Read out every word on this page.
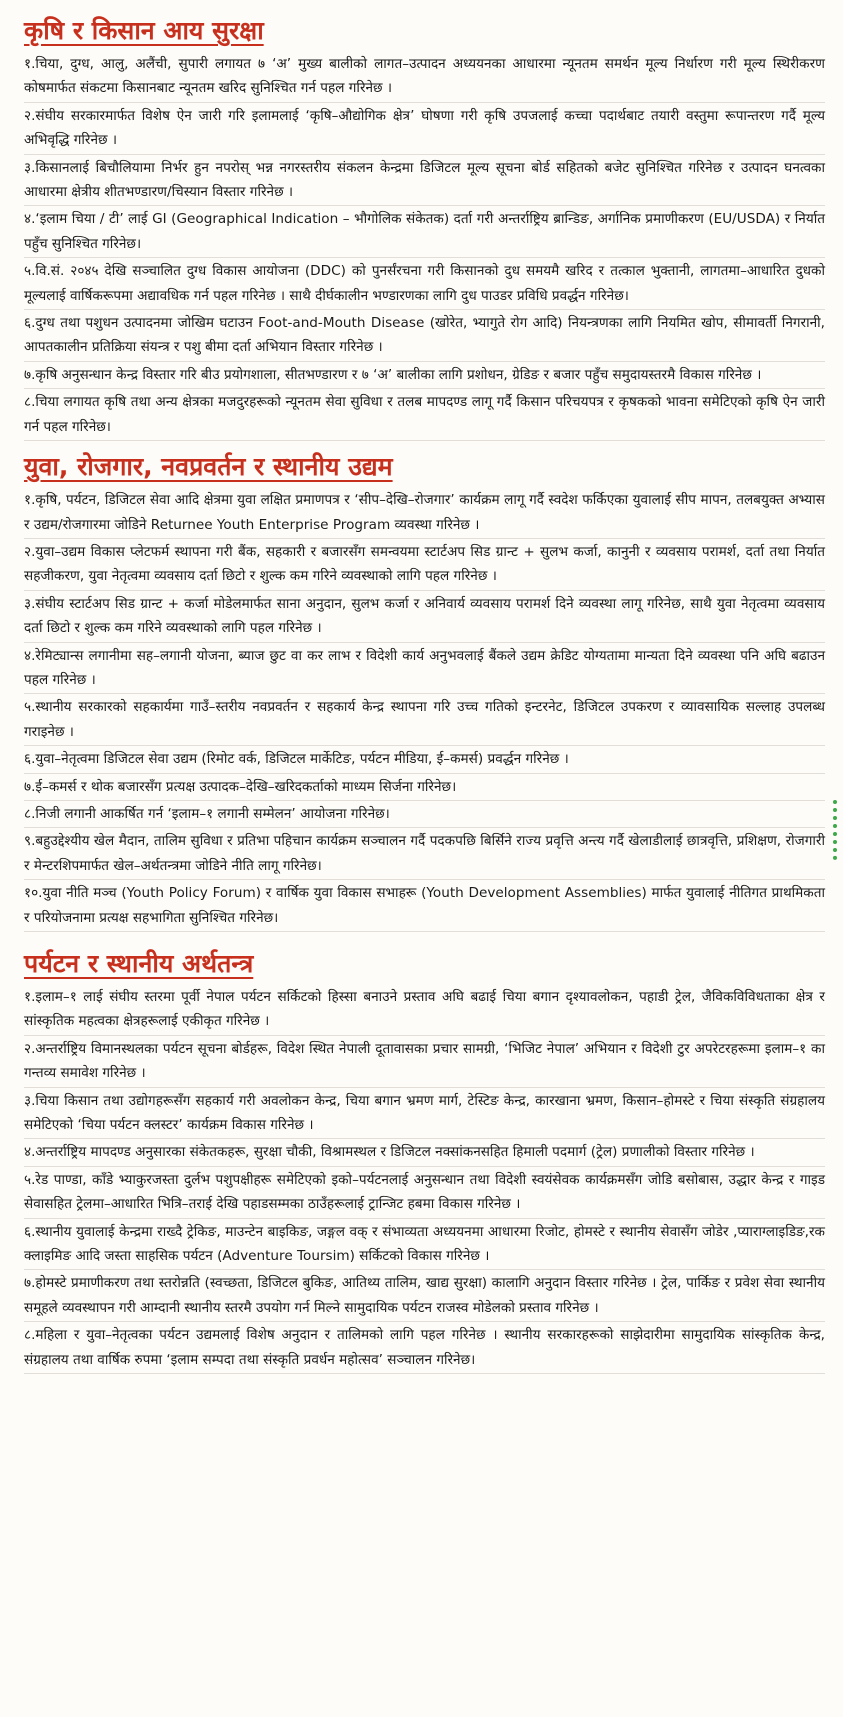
कृषि र किसान आय सुरक्षा
१.चिया, दुग्ध, आलु, अलैंची, सुपारी लगायत ७ ‘अ’ मुख्य बालीको लागत–उत्पादन अध्ययनका आधारमा न्यूनतम समर्थन मूल्य निर्धारण गरी मूल्य स्थिरीकरण कोषमार्फत संकटमा किसानबाट न्यूनतम खरिद सुनिश्चित गर्न पहल गरिनेछ ।
२.संघीय सरकारमार्फत विशेष ऐन जारी गरि इलामलाई ‘कृषि–औद्योगिक क्षेत्र’ घोषणा गरी कृषि उपजलाई कच्चा पदार्थबाट तयारी वस्तुमा रूपान्तरण गर्दै मूल्य अभिवृद्धि गरिनेछ ।
३.किसानलाई बिचौलियामा निर्भर हुन नपरोस् भन्न नगरस्तरीय संकलन केन्द्रमा डिजिटल मूल्य सूचना बोर्ड सहितको बजेट सुनिश्चित गरिनेछ र उत्पादन घनत्वका आधारमा क्षेत्रीय शीतभण्डारण/चिस्यान विस्तार गरिनेछ ।
४.‘इलाम चिया / टी’ लाई GI (Geographical Indication – भौगोलिक संकेतक) दर्ता गरी अन्तर्राष्ट्रिय ब्रान्डिङ, अर्गानिक प्रमाणीकरण (EU/USDA) र निर्यात पहुँच सुनिश्चित गरिनेछ।
५.वि.सं. २०४५ देखि सञ्चालित दुग्ध विकास आयोजना (DDC) को पुनर्संरचना गरी किसानको दुध समयमै खरिद र तत्काल भुक्तानी, लागतमा–आधारित दुधको मूल्यलाई वार्षिकरूपमा अद्यावधिक गर्न पहल गरिनेछ । साथै दीर्घकालीन भण्डारणका लागि दुध पाउडर प्रविधि प्रवर्द्धन गरिनेछ।
६.दुग्ध तथा पशुधन उत्पादनमा जोखिम घटाउन Foot-and-Mouth Disease (खोरेत, भ्यागुते रोग आदि) नियन्त्रणका लागि नियमित खोप, सीमावर्ती निगरानी, आपतकालीन प्रतिक्रिया संयन्त्र र पशु बीमा दर्ता अभियान विस्तार गरिनेछ ।
७.कृषि अनुसन्धान केन्द्र विस्तार गरि बीउ प्रयोगशाला, सीतभण्डारण र ७ ‘अ’ बालीका लागि प्रशोधन, ग्रेडिङ र बजार पहुँच समुदायस्तरमै विकास गरिनेछ ।
८.चिया लगायत कृषि तथा अन्य क्षेत्रका मजदुरहरूको न्यूनतम सेवा सुविधा र तलब मापदण्ड लागू गर्दै किसान परिचयपत्र र कृषकको भावना समेटिएको कृषि ऐन जारी गर्न पहल गरिनेछ।
युवा, रोजगार, नवप्रवर्तन र स्थानीय उद्यम
१.कृषि, पर्यटन, डिजिटल सेवा आदि क्षेत्रमा युवा लक्षित प्रमाणपत्र र ‘सीप–देखि–रोजगार’ कार्यक्रम लागू गर्दै स्वदेश फर्किएका युवालाई सीप मापन, तलबयुक्त अभ्यास र उद्यम/रोजगारमा जोडिने Returnee Youth Enterprise Program व्यवस्था गरिनेछ ।
२.युवा–उद्यम विकास प्लेटफर्म स्थापना गरी बैंक, सहकारी र बजारसँग समन्वयमा स्टार्टअप सिड ग्रान्ट + सुलभ कर्जा, कानुनी र व्यवसाय परामर्श, दर्ता तथा निर्यात सहजीकरण, युवा नेतृत्वमा व्यवसाय दर्ता छिटो र शुल्क कम गरिने व्यवस्थाको लागि पहल गरिनेछ ।
३.संघीय स्टार्टअप सिड ग्रान्ट + कर्जा मोडेलमार्फत साना अनुदान, सुलभ कर्जा र अनिवार्य व्यवसाय परामर्श दिने व्यवस्था लागू गरिनेछ, साथै युवा नेतृत्वमा व्यवसाय दर्ता छिटो र शुल्क कम गरिने व्यवस्थाको लागि पहल गरिनेछ ।
४.रेमिट्यान्स लगानीमा सह–लगानी योजना, ब्याज छुट वा कर लाभ र विदेशी कार्य अनुभवलाई बैंकले उद्यम क्रेडिट योग्यतामा मान्यता दिने व्यवस्था पनि अघि बढाउन पहल गरिनेछ ।
५.स्थानीय सरकारको सहकार्यमा गाउँ–स्तरीय नवप्रवर्तन र सहकार्य केन्द्र स्थापना गरि उच्च गतिको इन्टरनेट, डिजिटल उपकरण र व्यावसायिक सल्लाह उपलब्ध गराइनेछ ।
६.युवा–नेतृत्वमा डिजिटल सेवा उद्यम (रिमोट वर्क, डिजिटल मार्केटिङ, पर्यटन मीडिया, ई–कमर्स) प्रवर्द्धन गरिनेछ ।
७.ई–कमर्स र थोक बजारसँग प्रत्यक्ष उत्पादक–देखि–खरिदकर्ताको माध्यम सिर्जना गरिनेछ।
८.निजी लगानी आकर्षित गर्न ‘इलाम–१ लगानी सम्मेलन’ आयोजना गरिनेछ।
९.बहुउद्देश्यीय खेल मैदान, तालिम सुविधा र प्रतिभा पहिचान कार्यक्रम सञ्चालन गर्दै पदकपछि बिर्सिने राज्य प्रवृत्ति अन्त्य गर्दै खेलाडीलाई छात्रवृत्ति, प्रशिक्षण, रोजगारी र मेन्टरशिपमार्फत खेल–अर्थतन्त्रमा जोडिने नीति लागू गरिनेछ।
१०.युवा नीति मञ्च (Youth Policy Forum) र वार्षिक युवा विकास सभाहरू (Youth Development Assemblies) मार्फत युवालाई नीतिगत प्राथमिकता र परियोजनामा प्रत्यक्ष सहभागिता सुनिश्चित गरिनेछ।
पर्यटन र स्थानीय अर्थतन्त्र
१.इलाम–१ लाई संघीय स्तरमा पूर्वी नेपाल पर्यटन सर्किटको हिस्सा बनाउने प्रस्ताव अघि बढाई चिया बगान दृश्यावलोकन, पहाडी ट्रेल, जैविकविविधताका क्षेत्र र सांस्कृतिक महत्वका क्षेत्रहरूलाई एकीकृत गरिनेछ ।
२.अन्तर्राष्ट्रिय विमानस्थलका पर्यटन सूचना बोर्डहरू, विदेश स्थित नेपाली दूतावासका प्रचार सामग्री, ‘भिजिट नेपाल’ अभियान र विदेशी टुर अपरेटरहरूमा इलाम–१ का गन्तव्य समावेश गरिनेछ ।
३.चिया किसान तथा उद्योगहरूसँग सहकार्य गरी अवलोकन केन्द्र, चिया बगान भ्रमण मार्ग, टेस्टिङ केन्द्र, कारखाना भ्रमण, किसान–होमस्टे र चिया संस्कृति संग्रहालय समेटिएको ‘चिया पर्यटन क्लस्टर’ कार्यक्रम विकास गरिनेछ ।
४.अन्तर्राष्ट्रिय मापदण्ड अनुसारका संकेतकहरू, सुरक्षा चौकी, विश्रामस्थल र डिजिटल नक्सांकनसहित हिमाली पदमार्ग (ट्रेल) प्रणालीको विस्तार गरिनेछ ।
५.रेड पाण्डा, काँडे भ्याकुरजस्ता दुर्लभ पशुपक्षीहरू समेटिएको इको–पर्यटनलाई अनुसन्धान तथा विदेशी स्वयंसेवक कार्यक्रमसँग जोडि बसोबास, उद्धार केन्द्र र गाइड सेवासहित ट्रेलमा–आधारित भित्रि–तराई देखि पहाडसम्मका ठाउँहरूलाई ट्रान्जिट हबमा विकास गरिनेछ ।
६.स्थानीय युवालाई केन्द्रमा राख्दै ट्रेकिङ, माउन्टेन बाइकिङ, जङ्गल वक् र संभाव्यता अध्ययनमा आधारमा रिजोट, होमस्टे र स्थानीय सेवासँग जोडेर ,प्याराग्लाइडिङ,रक क्लाइमिङ आदि जस्ता साहसिक पर्यटन (Adventure Toursim) सर्किटको विकास गरिनेछ ।
७.होमस्टे प्रमाणीकरण तथा स्तरोन्नति (स्वच्छता, डिजिटल बुकिङ, आतिथ्य तालिम, खाद्य सुरक्षा) कालागि अनुदान विस्तार गरिनेछ । ट्रेल, पार्किङ र प्रवेश सेवा स्थानीय समूहले व्यवस्थापन गरी आम्दानी स्थानीय स्तरमै उपयोग गर्न मिल्ने सामुदायिक पर्यटन राजस्व मोडेलको प्रस्ताव गरिनेछ ।
८.महिला र युवा–नेतृत्वका पर्यटन उद्यमलाई विशेष अनुदान र तालिमको लागि पहल गरिनेछ । स्थानीय सरकारहरूको साझेदारीमा सामुदायिक सांस्कृतिक केन्द्र, संग्रहालय तथा वार्षिक रुपमा ‘इलाम सम्पदा तथा संस्कृति प्रवर्धन महोत्सव’ सञ्चालन गरिनेछ।
